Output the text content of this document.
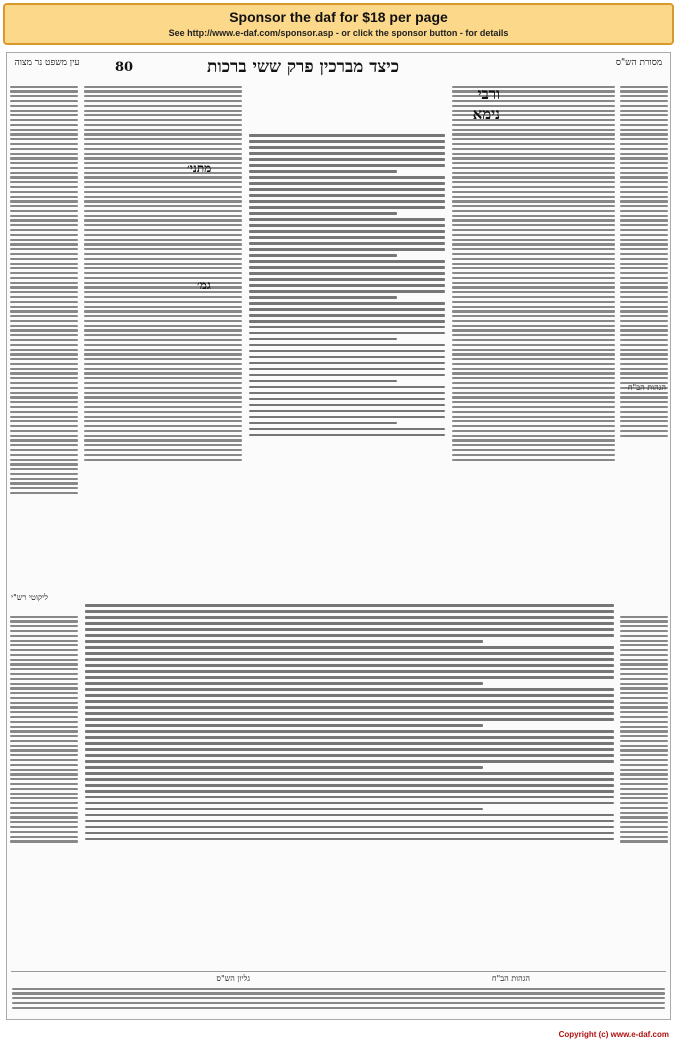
Sponsor the daf for $18 per page
See http://www.e-daf.com/sponsor.asp - or click the sponsor button - for details
עין משפט נר מצוה	80	כיצד מברכין פרק ששי ברכות	מסורת הש"ס
ורבי
נימא
מתני׳
גמ׳
הגהות הב"ח
ליקוטי רש"י
הגהות הב"ח
גליון הש"ס
Copyright (c) www.e-daf.com
